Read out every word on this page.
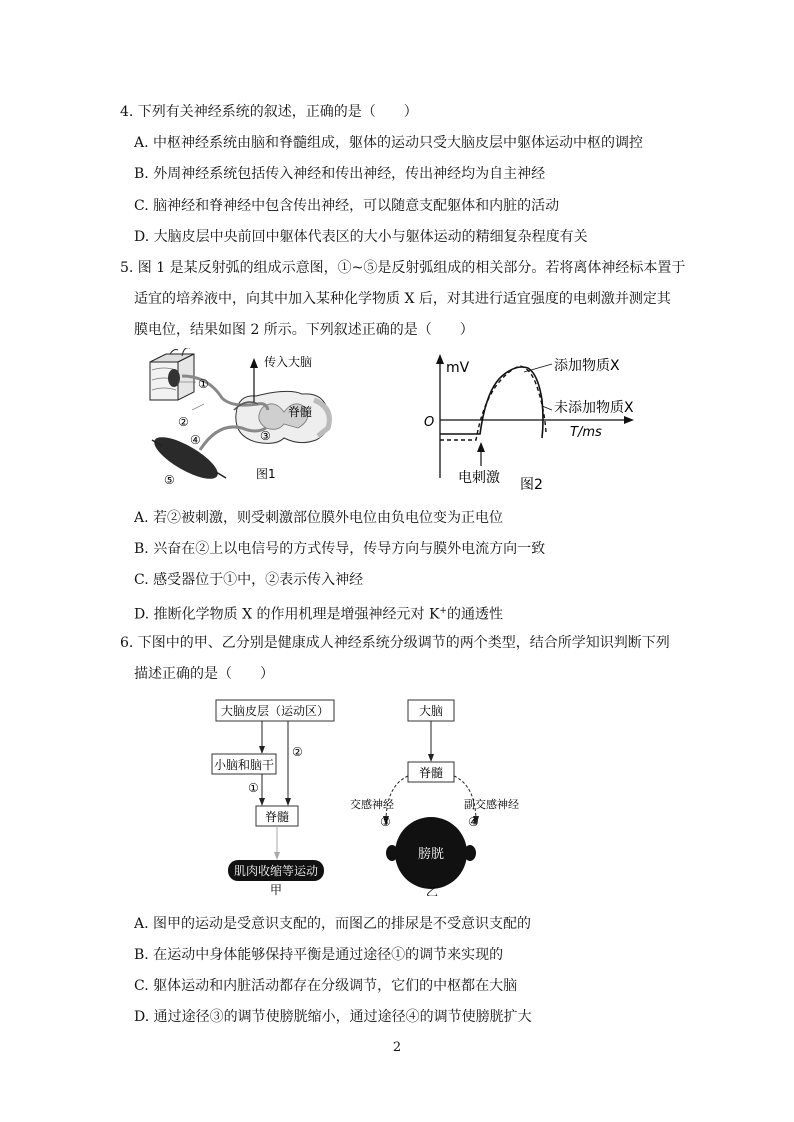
4. 下列有关神经系统的叙述，正确的是（　　）
A. 中枢神经系统由脑和脊髓组成，躯体的运动只受大脑皮层中躯体运动中枢的调控
B. 外周神经系统包括传入神经和传出神经，传出神经均为自主神经
C. 脑神经和脊神经中包含传出神经，可以随意支配躯体和内脏的活动
D. 大脑皮层中央前回中躯体代表区的大小与躯体运动的精细复杂程度有关
5. 图 1 是某反射弧的组成示意图，①~⑤是反射弧组成的相关部分。若将离体神经标本置于
适宜的培养液中，向其中加入某种化学物质 X 后，对其进行适宜强度的电刺激并测定其
膜电位，结果如图 2 所示。下列叙述正确的是（　　）
传入大脑
脊髓
①
②
③
④
⑤	图1
mV
O
T/ms
电刺激 图2
添加物质X
未添加物质X
A. 若②被刺激，则受刺激部位膜外电位由负电位变为正电位
B. 兴奋在②上以电信号的方式传导，传导方向与膜外电流方向一致
C. 感受器位于①中，②表示传入神经
D. 推断化学物质 X 的作用机理是增强神经元对 K+的通透性
6. 下图中的甲、乙分别是健康成人神经系统分级调节的两个类型，结合所学知识判断下列
描述正确的是（　　）
大脑皮层（运动区）
小脑和脑干
脊髓
肌肉收缩等运动
②
①
甲
大脑
脊髓
交感神经	副交感神经
③	④
膀胱
乙
A. 图甲的运动是受意识支配的，而图乙的排尿是不受意识支配的
B. 在运动中身体能够保持平衡是通过途径①的调节来实现的
C. 躯体运动和内脏活动都存在分级调节，它们的中枢都在大脑
D. 通过途径③的调节使膀胱缩小，通过途径④的调节使膀胱扩大
2
